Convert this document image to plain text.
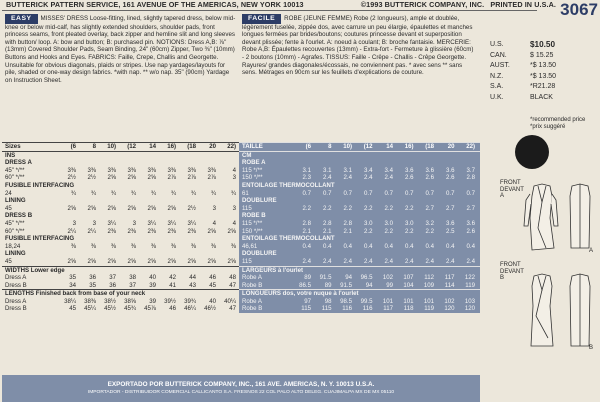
BUTTERICK PATTERN SERVICE, 161 AVENUE OF THE AMERICAS, NEW YORK 10013	©1993 BUTTERICK COMPANY, INC. PRINTED IN U.S.A. 3067
EASY MISSES' DRESS Loose-fitting, lined, slightly tapered dress, below mid-knee or below mid-calf, has slightly extended shoulders, shoulder pads, front princess seams, front pleated overlay, back zipper and hemline slit and long sleeves with button/ loop. A: bow and button; B: purchased pin. NOTIONS: Dress A,B: ⅞" (13mm) Covered Shoulder Pads, Seam Binding, 24" (60cm) Zipper, Two ⅜" (10mm) Buttons and Hooks and Eyes. FABRICS: Faille, Crepe, Challis and Georgette. Unsuitable for obvious diagonals, plaids or stripes. Use nap yardages/layouts for pile, shaded or one-way design fabrics. *with nap. ** w/o nap. 35" (90cm) Yardage on Instruction Sheet.
FACILE ROBE (JEUNE FEMME) Robe (2 longueurs), ample et doublée, légèrement fuselée, zippée dos, avec carrure un peu élargie, épaulettes et manches longues fermées par brides/boutons; coutures princesse devant et superposition devant plissée; fente à l'ourlet. A: noeud à coulant; B: broche fantaisie. MERCERIE: Robe A,B: Épaulettes recouvertes (13mm) - Extra-fort - Fermeture à glissière (60cm) - 2 boutons (10mm) - Agrafes. TISSUS: Faille - Crêpe - Challis - Crêpe Georgette. Rayures/ grandes diagonales/écossais, ne conviennent pas. * avec sens ** sans sens. Métrages en 90cm sur les feuillets d'explications de couture.
Sizes	(6	8	10)	(12	14	16)	(18	20	22)
INS
DRESS A
45" */**	3⅜	3⅜	3⅜	3⅜	3⅜	3⅜	3⅜	3⅜	4
60" */**	2½	2½	2⅝	2⅝	2⅝	2⅞	2⅞	2⅞	3
FUSIBLE INTERFACING
24	¾	¾	¾	¾	¾	¾	¾	¾	¾
LINING
45	2⅝	2⅝	2⅝	2⅝	2⅝	2⅝	2½	3	3
DRESS B
45" */**	3	3	3¼	3	3¼	3¼	3¼	4	4
60" */**	2¼	2¼	2⅜	2⅜	2⅜	2⅜	2⅜	2⅝	2⅝
FUSIBLE INTERFACING
18,24	⅜	⅜	⅜	⅜	⅜	⅜	⅜	⅜	⅜
LINING
45	2⅝	2⅝	2⅝	2⅝	2⅝	2⅝	2⅝	2⅝	2⅝
WIDTHS Lower edge
Dress A	35	36	37	38	40	42	44	46	48
Dress B	34	35	36	37	39	41	43	45	47
LENGTHS Finished back from base of your neck
Dress A	38¼	38⅜	38½	38⅝	39	39½	39¾	40	40¼
Dress B	45	45¼	45½	45¾	45⅞	46	46¼	46½	47
TAILLE	(6	8	10)	(12	14	16)	(18	20	22)
CM
ROBE A
115 */**	3.1	3.1	3.1	3.4	3.4	3.6	3.6	3.6	3.7
150 */**	2.3	2.4	2.4	2.4	2.4	2.6	2.6	2.6	2.8
ENTOILAGE THERMOCOLLANT
61	0.7	0.7	0.7	0.7	0.7	0.7	0.7	0.7	0.7
DOUBLURE
115	2.2	2.2	2.2	2.2	2.2	2.2	2.7	2.7	2.7
ROBE B
115 */**	2.8	2.8	2.8	3.0	3.0	3.0	3.2	3.6	3.6
150 */**	2.1	2.1	2.1	2.2	2.2	2.2	2.2	2.5	2.6
ENTOILAGE THERMOCOLLANT
46,61	0.4	0.4	0.4	0.4	0.4	0.4	0.4	0.4	0.4
DOUBLURE
115	2.4	2.4	2.4	2.4	2.4	2.4	2.4	2.4	2.4
LARGEURS à l'ourlet
Robe A	89	91.5	94	96.5	102	107	112	117	122
Robe B	86.5	89	91.5	94	99	104	109	114	119
LONGUEURS dos, votre nuque à l'ourlet
Robe A	97	98	98.5	99.5	101	101	101	102	103
Robe B	115	115	116	116	117	118	119	120	120
U.S.	$10.50
CAN.	$ 15.25
AUST.	*$ 13.50
N.Z.	*$ 13.50
S.A.	*R21.28
U.K.	BLACK
*recommended price
*prix suggéré
FRONT
DEVANT
A
FRONT
DEVANT
B
A
B
EXPORTADO POR BUTTERICK COMPANY, INC., 161 AVE. AMERICAS, N. Y. 10013 U.S.A.
IMPORTADOR - DISTRIBUIDOR COMERCIAL CALLICANTO S.A. FRESNOS 22 COL PALO ALTO DELEG. CUAJIMALPA MX DE MX 05110
